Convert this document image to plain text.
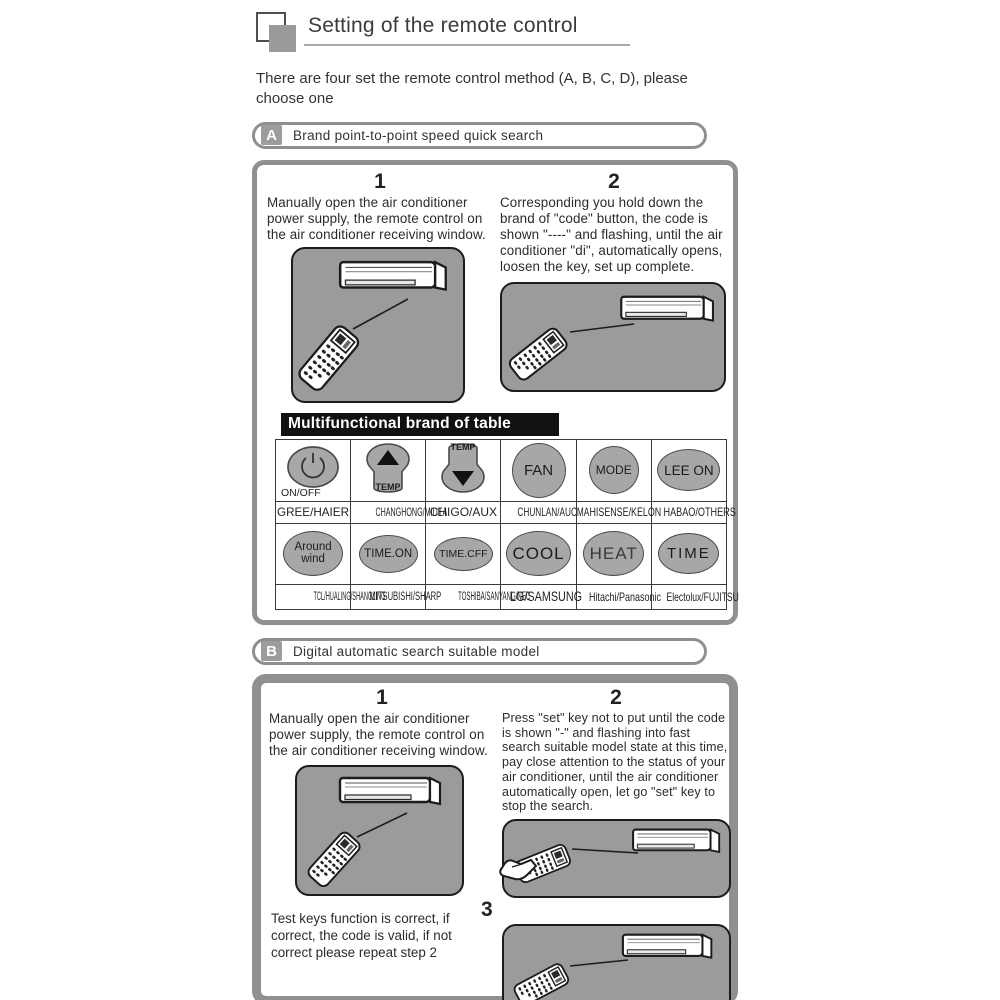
Setting of the remote control

There are four set the remote control method (A, B, C, D), please choose one

A	Brand point-to-point speed quick search
1

Manually open the air conditioner power supply, the remote control on the air conditioner receiving window.

2

Corresponding you hold down the brand of "code" button, the code is shown "----" and flashing, until the air conditioner "di", automatically opens, loosen the key, set up complete.

Multifunctional brand of table
ON/OFF	TEMP	TEMP	FAN	MODE	LEE ON

GREE/HAIER	CHANGHONG/MIDEA	CHIGO/AUX	CHUNLAN/AUCMA	HISENSE/KELON	HABAO/OTHERS

Around wind	TIME.ON	TIME.CFF	COOL	HEAT	TIME

TCL/HUALING/SHANGLING	MITSUBISHI/SHARP	TOSHIBA/SANYANG/NEC	LG/SAMSUNG	Hitachi/Panasonic	Electolux/FUJITSU
B	Digital automatic search suitable model
1

Manually open the air conditioner power supply, the remote control on the air conditioner receiving window.

Test keys function is correct, if correct, the code is valid, if not correct please repeat step 2

2

Press "set" key not to put until the code is shown "-" and flashing into fast search suitable model state at this time, pay close attention to the status of your air conditioner, until the air conditioner automatically open, let go "set" key to stop the search.

3
